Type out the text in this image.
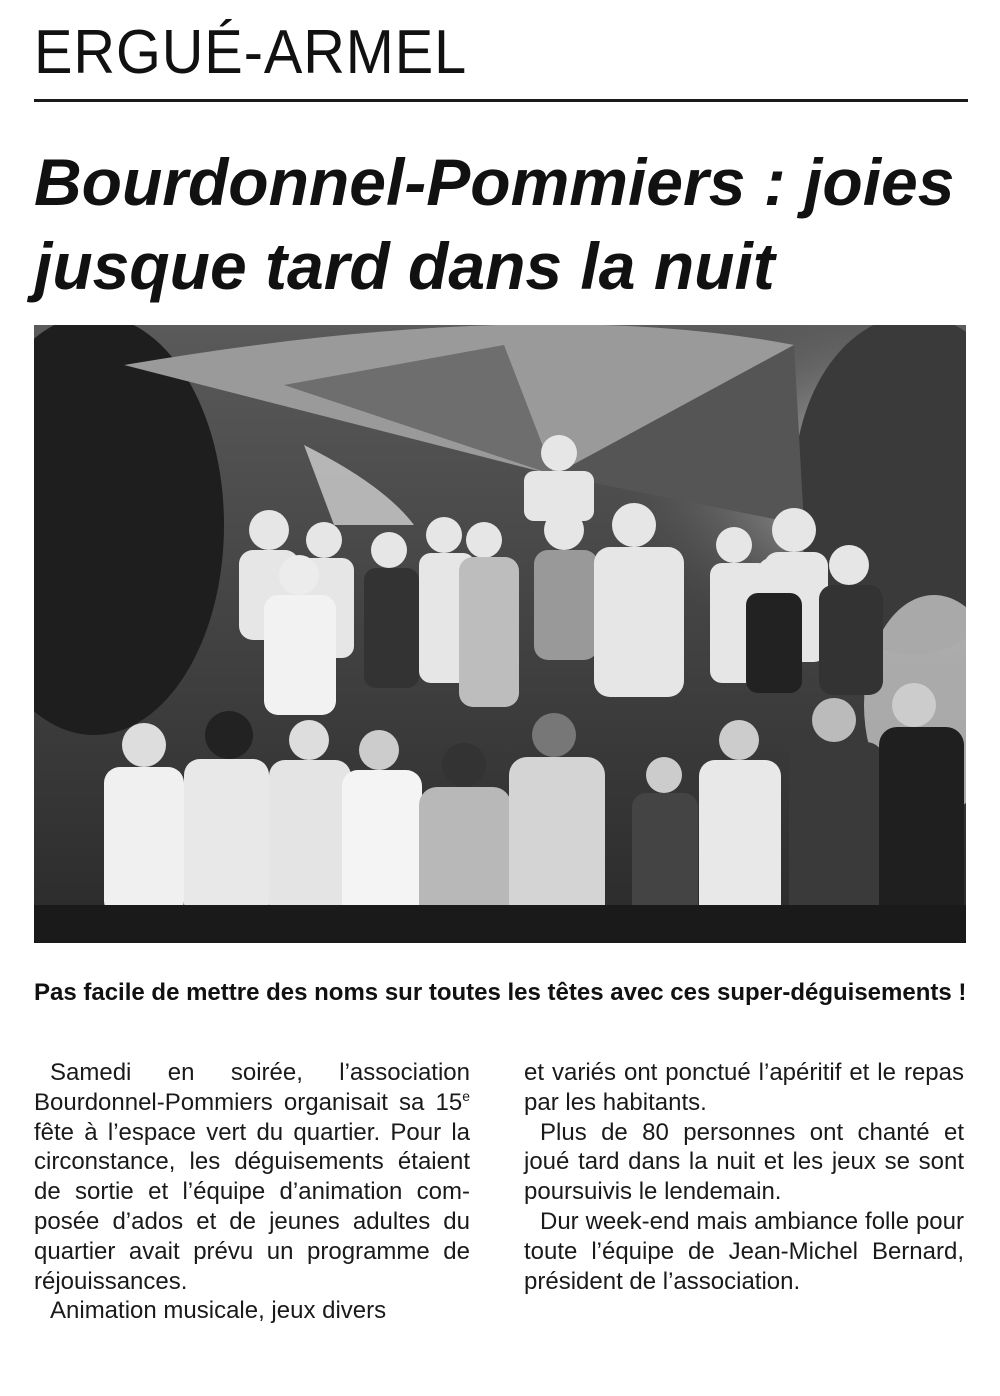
ERGUÉ-ARMEL
Bourdonnel-Pommiers : joies
jusque tard dans la nuit

Pas facile de mettre des noms sur toutes les têtes avec ces super-déguisements !

Samedi en soirée, l’association Bourdonnel-Pommiers organisait sa 15e fête à l’espace vert du quartier. Pour la circonstance, les déguisements étaient de sortie et l’équipe d’animation composée d’ados et de jeunes adultes du quartier avait prévu un programme de réjouissances.

Animation musicale, jeux divers

et variés ont ponctué l’apéritif et le repas par les habitants.

Plus de 80 personnes ont chanté et joué tard dans la nuit et les jeux se sont poursuivis le lendemain.

Dur week-end mais ambiance folle pour toute l’équipe de Jean-Michel Bernard, président de l’association.
